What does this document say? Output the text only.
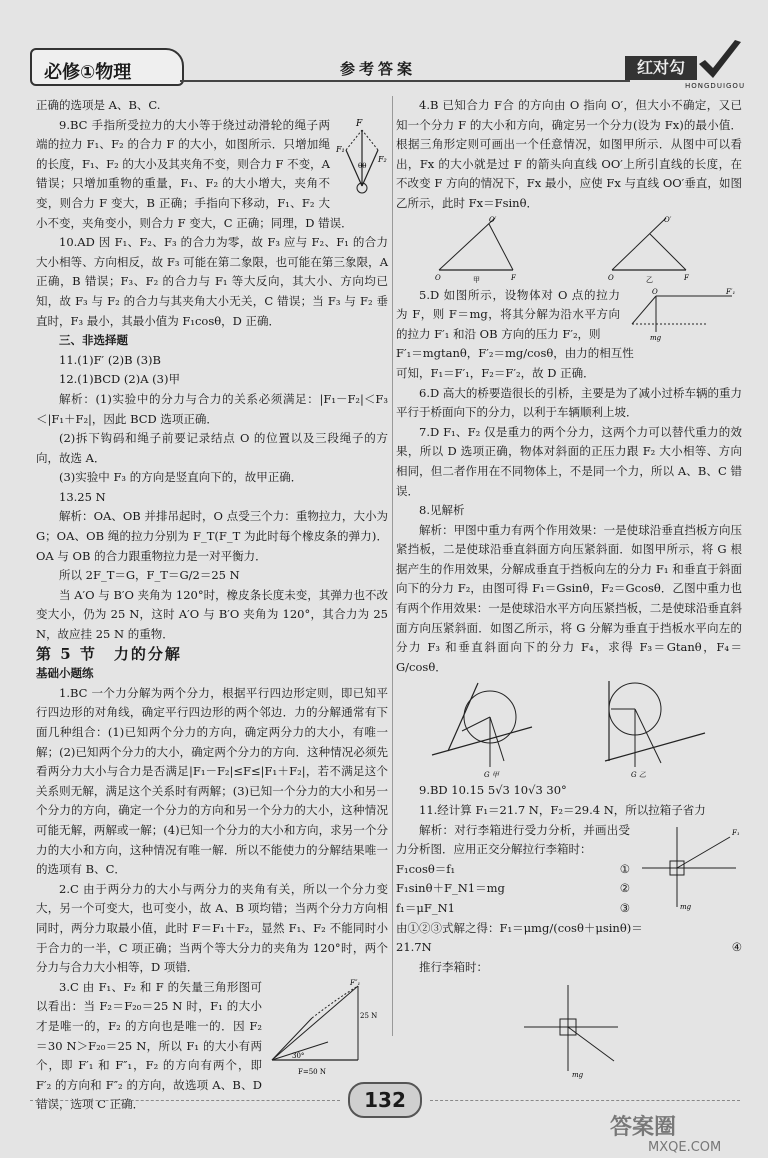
必修①物理	参考答案	红对勾
HONGDUIGOU

正确的选项是 A、B、C.

F
F₁
F₂
θθ

9.BC 手指所受拉力的大小等于绕过动滑轮的绳子两端的拉力 F₁、F₂ 的合力 F 的大小，如图所示．只增加绳的长度，F₁、F₂ 的大小及其夹角不变，则合力 F 不变，A 错误；只增加重物的重量，F₁、F₂ 的大小增大，夹角不变，则合力 F 变大，B 正确；手指向下移动，F₁、F₂ 大小不变，夹角变小，则合力 F 变大，C 正确；同理，D 错误．

10.AD 因 F₁、F₂、F₃ 的合力为零，故 F₃ 应与 F₂、F₁ 的合力大小相等、方向相反，故 F₃ 可能在第二象限，也可能在第三象限，A 正确，B 错误；F₃、F₂ 的合力与 F₁ 等大反向，其大小、方向均已知，故 F₃ 与 F₂ 的合力与其夹角大小无关，C 错误；当 F₃ 与 F₂ 垂直时，F₃ 最小，其最小值为 F₁cosθ，D 正确．

三、非选择题

11.(1)F′ (2)B (3)B

12.(1)BCD (2)A (3)甲

解析：(1)实验中的分力与合力的关系必须满足：|F₁－F₂|＜F₃＜|F₁＋F₂|，因此 BCD 选项正确．

(2)拆下钩码和绳子前要记录结点 O 的位置以及三段绳子的方向，故选 A．

(3)实验中 F₃ 的方向是竖直向下的，故甲正确．

13.25 N

解析：OA、OB 并排吊起时，O 点受三个力：重物拉力，大小为 G；OA、OB 绳的拉力分别为 F_T(F_T 为此时每个橡皮条的弹力)．OA 与 OB 的合力跟重物拉力是一对平衡力．

所以 2F_T＝G，F_T＝G/2＝25 N

当 A′O 与 B′O 夹角为 120°时，橡皮条长度未变，其弹力也不改变大小，仍为 25 N，这时 A′O 与 B′O 夹角为 120°，其合力为 25 N，故应挂 25 N 的重物．

第 5 节　力的分解

基础小题练

1.BC 一个力分解为两个分力，根据平行四边形定则，即已知平行四边形的对角线，确定平行四边形的两个邻边．力的分解通常有下面几种组合：(1)已知两个分力的方向，确定两分力的大小，有唯一解；(2)已知两个分力的大小，确定两个分力的方向．这种情况必须先看两分力大小与合力是否满足|F₁－F₂|≤F≤|F₁＋F₂|，若不满足这个关系则无解，满足这个关系时有两解；(3)已知一个分力的大小和另一个分力的方向，确定一个分力的方向和另一个分力的大小，这种情况可能无解，两解或一解；(4)已知一个分力的大小和方向，求另一个分力的大小和方向，这种情况有唯一解．所以不能使力的分解结果唯一的选项有 B、C．

2.C 由于两分力的大小与两分力的夹角有关，所以一个分力变大，另一个可变大，也可变小，故 A、B 项均错；当两个分力方向相同时，两分力取最小值，此时 F＝F₁＋F₂，显然 F₁、F₂ 不能同时小于合力的一半，C 项正确；当两个等大分力的夹角为 120°时，两个分力与合力大小相等，D 项错．

F″₁
25 N
30°
F=50 N

3.C 由 F₁、F₂ 和 F 的矢量三角形图可以看出：当 F₂＝F₂₀＝25 N 时，F₁ 的大小才是唯一的，F₂ 的方向也是唯一的．因 F₂＝30 N＞F₂₀＝25 N，所以 F₁ 的大小有两个，即 F′₁ 和 F″₁，F₂ 的方向有两个，即 F′₂ 的方向和 F″₂ 的方向，故选项 A、B、D 错误，选项 C 正确．

4.B 已知合力 F合 的方向由 O 指向 O′，但大小不确定，又已知一个分力 F 的大小和方向，确定另一个分力(设为 Fx)的最小值．根据三角形定则可画出一个任意情况，如图甲所示．从图中可以看出，Fx 的大小就是过 F 的箭头向直线 OO′上所引直线的长度，在不改变 F 方向的情况下，Fx 最小，应使 Fx 与直线 OO′垂直，如图乙所示，此时 Fx＝Fsinθ．

O′
O	F
甲
O′
O	F
乙
O	F′₁
mg

5.D 如图所示，设物体对 O 点的拉力为 F，则 F＝mg，将其分解为沿水平方向的拉力 F′₁ 和沿 OB 方向的压力 F′₂，则

F′₁＝mgtanθ，F′₂＝mg/cosθ，由力的相互性

可知，F₁＝F′₁，F₂＝F′₂，故 D 正确．

6.D 高大的桥要造很长的引桥，主要是为了减小过桥车辆的重力平行于桥面向下的分力，以利于车辆顺利上坡．

7.D F₁、F₂ 仅是重力的两个分力，这两个力可以替代重力的效果，所以 D 选项正确，物体对斜面的正压力跟 F₂ 大小相等、方向相同，但二者作用在不同物体上，不是同一个力，所以 A、B、C 错误．

8.见解析

解析：甲图中重力有两个作用效果：一是使球沿垂直挡板方向压紧挡板，二是使球沿垂直斜面方向压紧斜面．如图甲所示，将 G 根据产生的作用效果，分解成垂直于挡板向左的分力 F₁ 和垂直于斜面向下的分力 F₂，由图可得 F₁＝Gsinθ，F₂＝Gcosθ．乙图中重力也有两个作用效果：一是使球沿水平方向压紧挡板，二是使球沿垂直斜面方向压紧斜面．如图乙所示，将 G 分解为垂直于挡板水平向左的分力 F₃ 和垂直斜面向下的分力 F₄，求得 F₃＝Gtanθ，F₄＝G/cosθ．

G 甲	G 乙

9.BD 10.15 5√3 10√3 30°

11.经计算 F₁＝21.7 N，F₂＝29.4 N，所以拉箱子省力

F₁
mg

解析：对行李箱进行受力分析，并画出受力分析图．应用正交分解拉行李箱时：

F₁cosθ＝f₁	①

F₁sinθ＋F_N1＝mg	②

f₁＝μF_N1	③

由①②③式解之得：F₁＝μmg/(cosθ＋μsinθ)＝

21.7N	④

推行李箱时：

mg
132
答案圈
MXQE.COM
